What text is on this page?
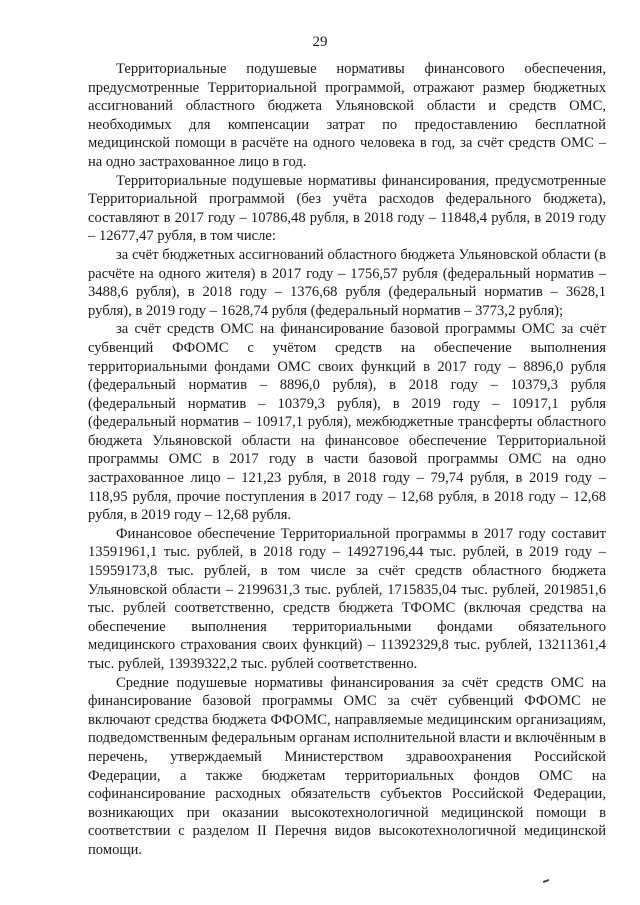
29

Территориальные подушевые нормативы финансового обеспечения, предусмотренные Территориальной программой, отражают размер бюджетных ассигнований областного бюджета Ульяновской области и средств ОМС, необходимых для компенсации затрат по предоставлению бесплатной медицинской помощи в расчёте на одного человека в год, за счёт средств ОМС – на одно застрахованное лицо в год.

Территориальные подушевые нормативы финансирования, предусмотренные Территориальной программой (без учёта расходов федерального бюджета), составляют в 2017 году – 10786,48 рубля, в 2018 году – 11848,4 рубля, в 2019 году – 12677,47 рубля, в том числе:

за счёт бюджетных ассигнований областного бюджета Ульяновской области (в расчёте на одного жителя) в 2017 году – 1756,57 рубля (федеральный норматив – 3488,6 рубля), в 2018 году – 1376,68 рубля (федеральный норматив – 3628,1 рубля), в 2019 году – 1628,74 рубля (федеральный норматив – 3773,2 рубля);

за счёт средств ОМС на финансирование базовой программы ОМС за счёт субвенций ФФОМС с учётом средств на обеспечение выполнения территориальными фондами ОМС своих функций в 2017 году – 8896,0 рубля (федеральный норматив – 8896,0 рубля), в 2018 году – 10379,3 рубля (федеральный норматив – 10379,3 рубля), в 2019 году – 10917,1 рубля (федеральный норматив – 10917,1 рубля), межбюджетные трансферты областного бюджета Ульяновской области на финансовое обеспечение Территориальной программы ОМС в 2017 году в части базовой программы ОМС на одно застрахованное лицо – 121,23 рубля, в 2018 году – 79,74 рубля, в 2019 году – 118,95 рубля, прочие поступления в 2017 году – 12,68 рубля, в 2018 году – 12,68 рубля, в 2019 году – 12,68 рубля.

Финансовое обеспечение Территориальной программы в 2017 году составит 13591961,1 тыс. рублей, в 2018 году – 14927196,44 тыс. рублей, в 2019 году – 15959173,8 тыс. рублей, в том числе за счёт средств областного бюджета Ульяновской области – 2199631,3 тыс. рублей, 1715835,04 тыс. рублей, 2019851,6 тыс. рублей соответственно, средств бюджета ТФОМС (включая средства на обеспечение выполнения территориальными фондами обязательного медицинского страхования своих функций) – 11392329,8 тыс. рублей, 13211361,4 тыс. рублей, 13939322,2 тыс. рублей соответственно.

Средние подушевые нормативы финансирования за счёт средств ОМС на финансирование базовой программы ОМС за счёт субвенций ФФОМС не включают средства бюджета ФФОМС, направляемые медицинским организациям, подведомственным федеральным органам исполнительной власти и включённым в перечень, утверждаемый Министерством здравоохранения Российской Федерации, а также бюджетам территориальных фондов ОМС на софинансирование расходных обязательств субъектов Российской Федерации, возникающих при оказании высокотехнологичной медицинской помощи в соответствии с разделом II Перечня видов высокотехнологичной медицинской помощи.
